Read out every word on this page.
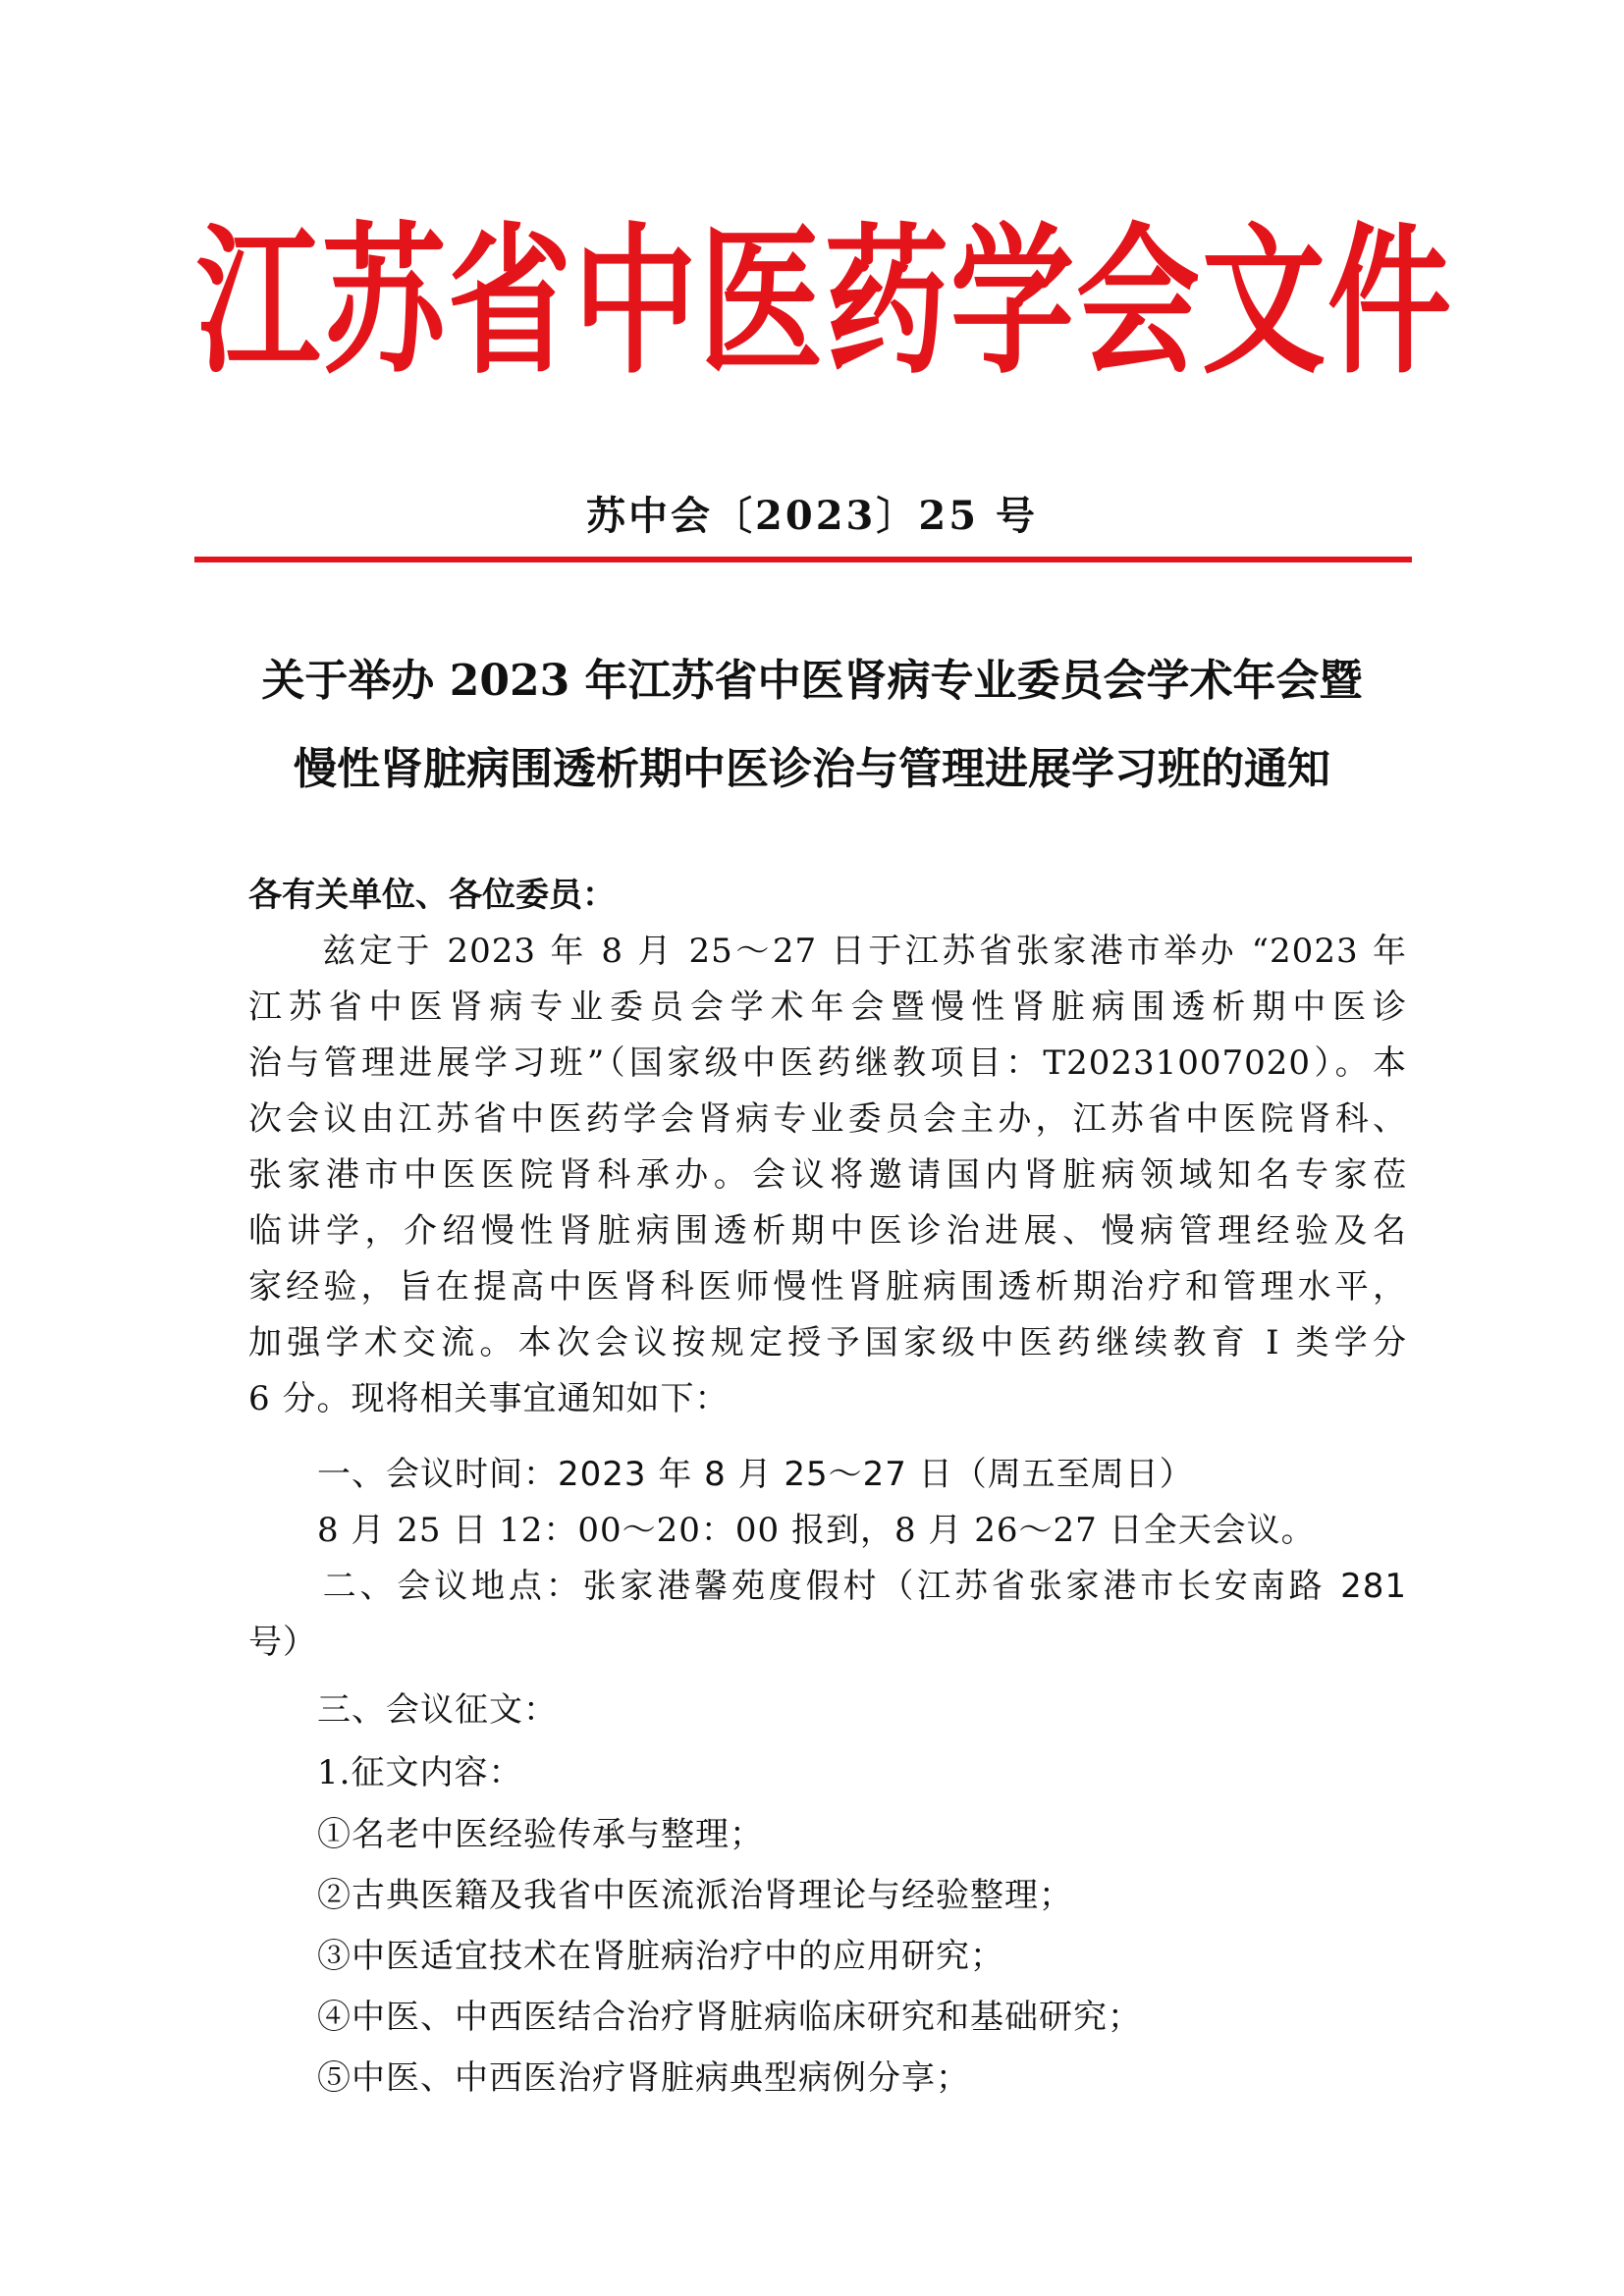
江苏省中医药学会文件
苏中会〔2023〕25 号
关于举办 2023 年江苏省中医肾病专业委员会学术年会暨
慢性肾脏病围透析期中医诊治与管理进展学习班的通知
各有关单位、各位委员：
　　兹定于 2023 年 8 月 25～27 日于江苏省张家港市举办 “2023 年
江苏省中医肾病专业委员会学术年会暨慢性肾脏病围透析期中医诊
治与管理进展学习班”（国家级中医药继教项目：T20231007020）。本
次会议由江苏省中医药学会肾病专业委员会主办，江苏省中医院肾科、
张家港市中医医院肾科承办。会议将邀请国内肾脏病领域知名专家莅
临讲学，介绍慢性肾脏病围透析期中医诊治进展、慢病管理经验及名
家经验，旨在提高中医肾科医师慢性肾脏病围透析期治疗和管理水平，
加强学术交流。本次会议按规定授予国家级中医药继续教育 I 类学分
6 分。现将相关事宜通知如下：
　　一、会议时间：2023 年 8 月 25～27 日（周五至周日）
　　8 月 25 日 12：00～20：00 报到，8 月 26～27 日全天会议。
　　二、会议地点：张家港馨苑度假村（江苏省张家港市长安南路 281
号）
　　三、会议征文：
　　1.征文内容：
　　①名老中医经验传承与整理；
　　②古典医籍及我省中医流派治肾理论与经验整理；
　　③中医适宜技术在肾脏病治疗中的应用研究；
　　④中医、中西医结合治疗肾脏病临床研究和基础研究；
　　⑤中医、中西医治疗肾脏病典型病例分享；
